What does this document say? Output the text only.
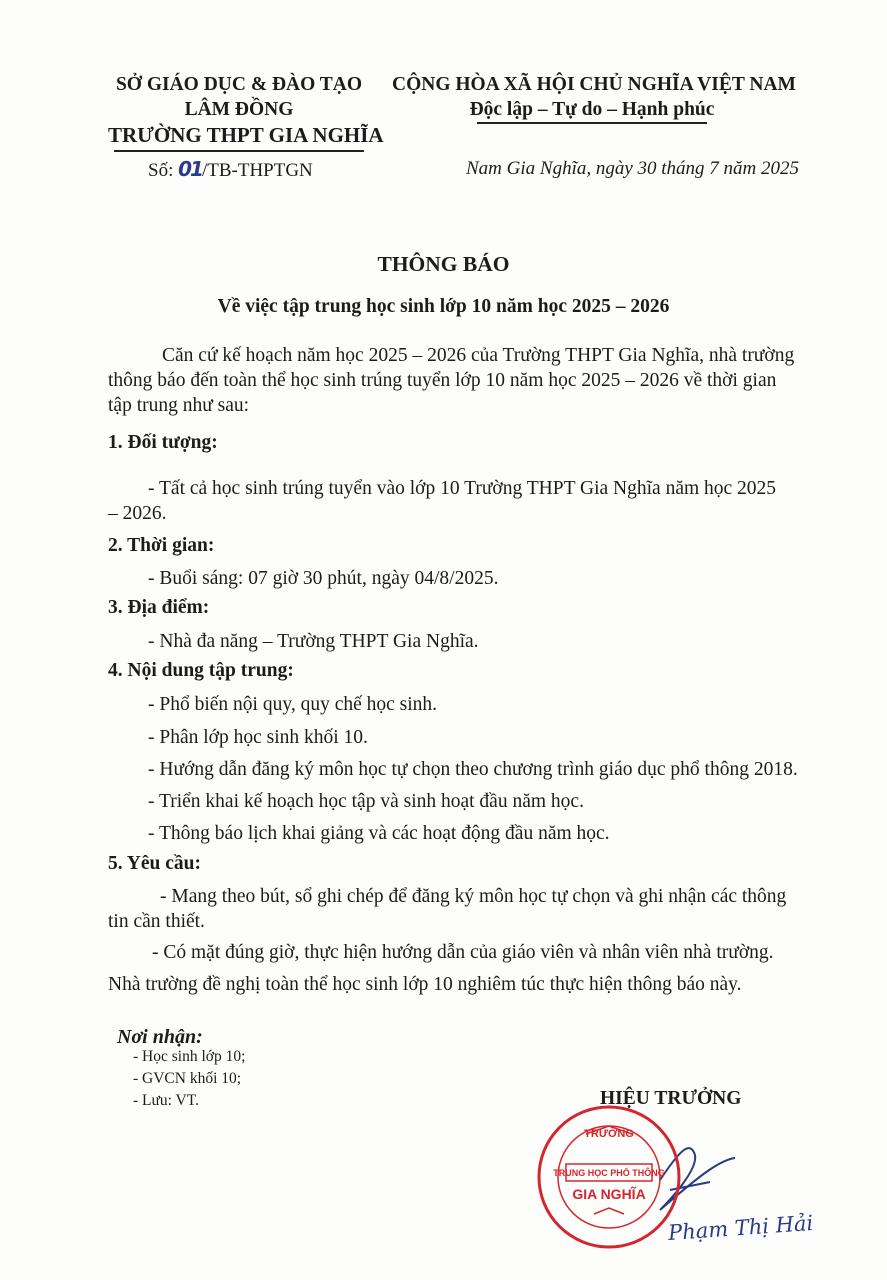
SỞ GIÁO DỤC & ĐÀO TẠO
LÂM ĐỒNG
TRƯỜNG THPT GIA NGHĨA
Số: 01/TB-THPTGN
CỘNG HÒA XÃ HỘI CHỦ NGHĨA VIỆT NAM
Độc lập – Tự do – Hạnh phúc
Nam Gia Nghĩa, ngày 30 tháng 7 năm 2025
THÔNG BÁO
Về việc tập trung học sinh lớp 10 năm học 2025 – 2026
Căn cứ kế hoạch năm học 2025 – 2026 của Trường THPT Gia Nghĩa, nhà trường
thông báo đến toàn thể học sinh trúng tuyển lớp 10 năm học 2025 – 2026 về thời gian
tập trung như sau:
1. Đối tượng:
- Tất cả học sinh trúng tuyển vào lớp 10 Trường THPT Gia Nghĩa năm học 2025
– 2026.
2. Thời gian:
- Buổi sáng: 07 giờ 30 phút, ngày 04/8/2025.
3. Địa điểm:
- Nhà đa năng – Trường THPT Gia Nghĩa.
4. Nội dung tập trung:
- Phổ biến nội quy, quy chế học sinh.
- Phân lớp học sinh khối 10.
- Hướng dẫn đăng ký môn học tự chọn theo chương trình giáo dục phổ thông 2018.
- Triển khai kế hoạch học tập và sinh hoạt đầu năm học.
- Thông báo lịch khai giảng và các hoạt động đầu năm học.
5. Yêu cầu:
- Mang theo bút, sổ ghi chép để đăng ký môn học tự chọn và ghi nhận các thông
tin cần thiết.
- Có mặt đúng giờ, thực hiện hướng dẫn của giáo viên và nhân viên nhà trường.
Nhà trường đề nghị toàn thể học sinh lớp 10 nghiêm túc thực hiện thông báo này.
Nơi nhận:
- Học sinh lớp 10;
- GVCN khối 10;
- Lưu: VT.	HIỆU TRƯỞNG
TRƯỜNG
TRUNG HỌC PHỔ THÔNG
GIA NGHĨA
Phạm Thị Hải
